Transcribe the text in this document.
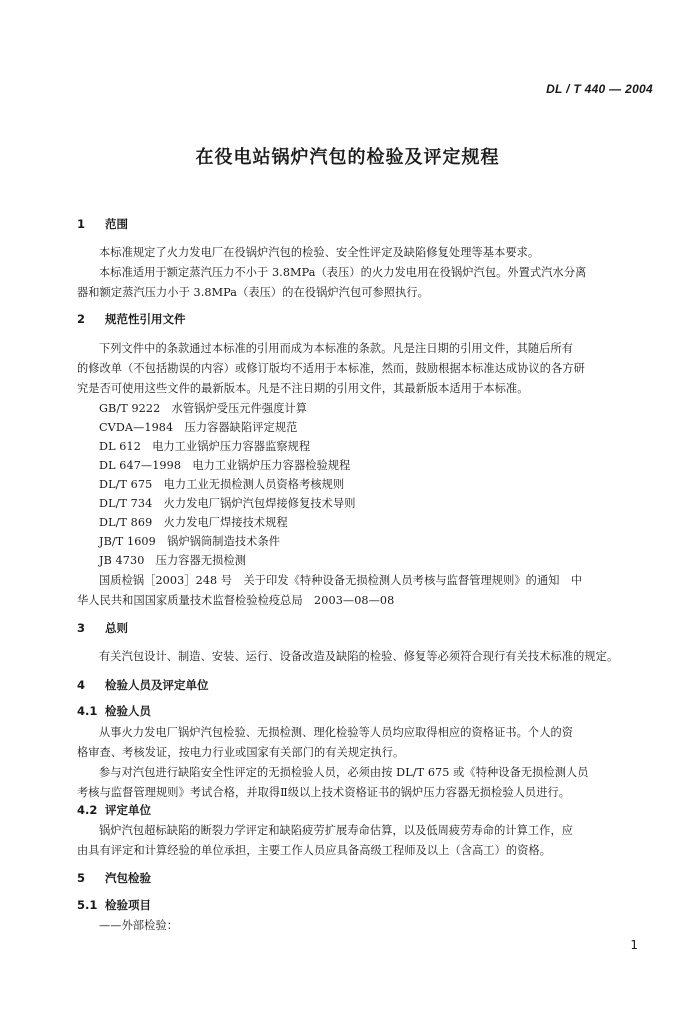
DL / T 440 — 2004
在役电站锅炉汽包的检验及评定规程
1 范围
本标准规定了火力发电厂在役锅炉汽包的检验、安全性评定及缺陷修复处理等基本要求。
本标准适用于额定蒸汽压力不小于 3.8MPa（表压）的火力发电用在役锅炉汽包。外置式汽水分离
器和额定蒸汽压力小于 3.8MPa（表压）的在役锅炉汽包可参照执行。
2 规范性引用文件
下列文件中的条款通过本标准的引用而成为本标准的条款。凡是注日期的引用文件，其随后所有
的修改单（不包括勘误的内容）或修订版均不适用于本标准，然而，鼓励根据本标准达成协议的各方研
究是否可使用这些文件的最新版本。凡是不注日期的引用文件，其最新版本适用于本标准。
GB/T 9222　水管锅炉受压元件强度计算
CVDA—1984　压力容器缺陷评定规范
DL 612　电力工业锅炉压力容器监察规程
DL 647—1998　电力工业锅炉压力容器检验规程
DL/T 675　电力工业无损检测人员资格考核规则
DL/T 734　火力发电厂锅炉汽包焊接修复技术导则
DL/T 869　火力发电厂焊接技术规程
JB/T 1609　锅炉锅筒制造技术条件
JB 4730　压力容器无损检测
国质检锅［2003］248 号　关于印发《特种设备无损检测人员考核与监督管理规则》的通知　中
华人民共和国国家质量技术监督检验检疫总局　2003—08—08
3 总则
有关汽包设计、制造、安装、运行、设备改造及缺陷的检验、修复等必须符合现行有关技术标准的规定。
4 检验人员及评定单位
4.1 检验人员
从事火力发电厂锅炉汽包检验、无损检测、理化检验等人员均应取得相应的资格证书。个人的资
格审查、考核发证，按电力行业或国家有关部门的有关规定执行。
参与对汽包进行缺陷安全性评定的无损检验人员，必须由按 DL/T 675 或《特种设备无损检测人员
考核与监督管理规则》考试合格，并取得Ⅱ级以上技术资格证书的锅炉压力容器无损检验人员进行。
4.2 评定单位
锅炉汽包超标缺陷的断裂力学评定和缺陷疲劳扩展寿命估算，以及低周疲劳寿命的计算工作，应
由具有评定和计算经验的单位承担，主要工作人员应具备高级工程师及以上（含高工）的资格。
5 汽包检验
5.1 检验项目
——外部检验：
1
